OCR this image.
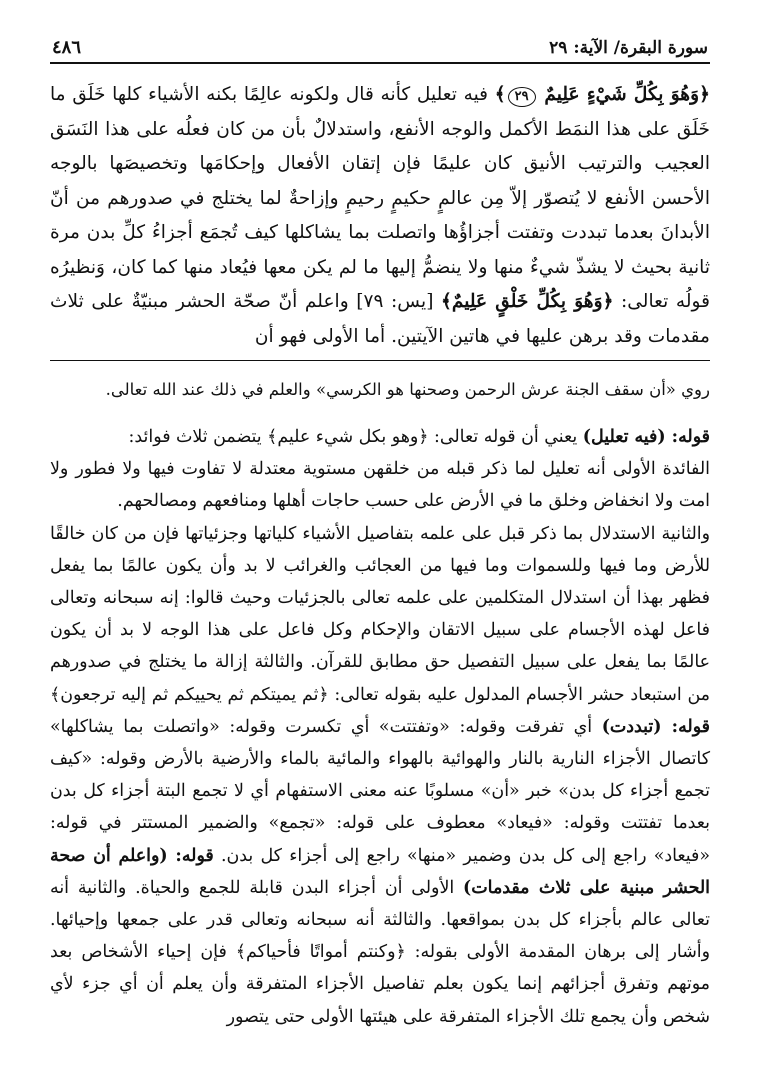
سورة البقرة/ الآية: ٢٩
٤٨٦
﴿وَهُوَ بِكُلِّ شَيْءٍ عَلِيمٌ ٢٩﴾ فيه تعليل كأنه قال ولكونه عالِمًا بكنه الأشياء كلها خَلَق ما خَلَق على هذا النمَط الأكمل والوجه الأنفع، واستدلالٌ بأن من كان فعلُه على هذا النَسَق العجيب والترتيب الأنيق كان عليمًا فإن إتقان الأفعال وإحكامَها وتخصيصَها بالوجه الأحسن الأنفع لا يُتصوّر إلاّ مِن عالمٍ حكيمٍ رحيمٍ وإزاحةٌ لما يختلج في صدورهم من أنّ الأبدانَ بعدما تبددت وتفتت أجزاؤُها واتصلت بما يشاكلها كيف تُجمَع أجزاءُ كلِّ بدن مرة ثانية بحيث لا يشذّ شيءٌ منها ولا ينضمُّ إليها ما لم يكن معها فيُعاد منها كما كان، وَنظيرُه قولُه تعالى: ﴿وَهُوَ بِكُلِّ خَلْقٍ عَلِيمٌ﴾ [يس: ٧٩] واعلم أنّ صحّة الحشر مبنيّةٌ على ثلاث مقدمات وقد برهن عليها في هاتين الآيتين. أما الأولى فهو أن
روي «أن سقف الجنة عرش الرحمن وصحنها هو الكرسي» والعلم في ذلك عند الله تعالى.
قوله: (فيه تعليل) يعني أن قوله تعالى: ﴿وهو بكل شيء عليم﴾ يتضمن ثلاث فوائد:
الفائدة الأولى أنه تعليل لما ذكر قبله من خلقهن مستوية معتدلة لا تفاوت فيها ولا فطور ولا امت ولا انخفاض وخلق ما في الأرض على حسب حاجات أهلها ومنافعهم ومصالحهم.
والثانية الاستدلال بما ذكر قبل على علمه بتفاصيل الأشياء كلياتها وجزئياتها فإن من كان خالقًا للأرض وما فيها وللسموات وما فيها من العجائب والغرائب لا بد وأن يكون عالمًا بما يفعل فظهر بهذا أن استدلال المتكلمين على علمه تعالى بالجزئيات وحيث قالوا: إنه سبحانه وتعالى فاعل لهذه الأجسام على سبيل الاتقان والإحكام وكل فاعل على هذا الوجه لا بد أن يكون عالمًا بما يفعل على سبيل التفصيل حق مطابق للقرآن. والثالثة إزالة ما يختلج في صدورهم من استبعاد حشر الأجسام المدلول عليه بقوله تعالى: ﴿ثم يميتكم ثم يحييكم ثم إليه ترجعون﴾ قوله: (تبددت) أي تفرقت وقوله: «وتفتتت» أي تكسرت وقوله: «واتصلت بما يشاكلها» كاتصال الأجزاء النارية بالنار والهوائية بالهواء والمائية بالماء والأرضية بالأرض وقوله: «كيف تجمع أجزاء كل بدن» خبر «أن» مسلوبًا عنه معنى الاستفهام أي لا تجمع البتة أجزاء كل بدن بعدما تفتتت وقوله: «فيعاد» معطوف على قوله: «تجمع» والضمير المستتر في قوله: «فيعاد» راجع إلى كل بدن وضمير «منها» راجع إلى أجزاء كل بدن. قوله: (واعلم أن صحة الحشر مبنية على ثلاث مقدمات) الأولى أن أجزاء البدن قابلة للجمع والحياة. والثانية أنه تعالى عالم بأجزاء كل بدن بمواقعها. والثالثة أنه سبحانه وتعالى قدر على جمعها وإحيائها. وأشار إلى برهان المقدمة الأولى بقوله: ﴿وكنتم أمواتًا فأحياكم﴾ فإن إحياء الأشخاص بعد موتهم وتفرق أجزائهم إنما يكون بعلم تفاصيل الأجزاء المتفرقة وأن يعلم أن أي جزء لأي شخص وأن يجمع تلك الأجزاء المتفرقة على هيئتها الأولى حتى يتصور
